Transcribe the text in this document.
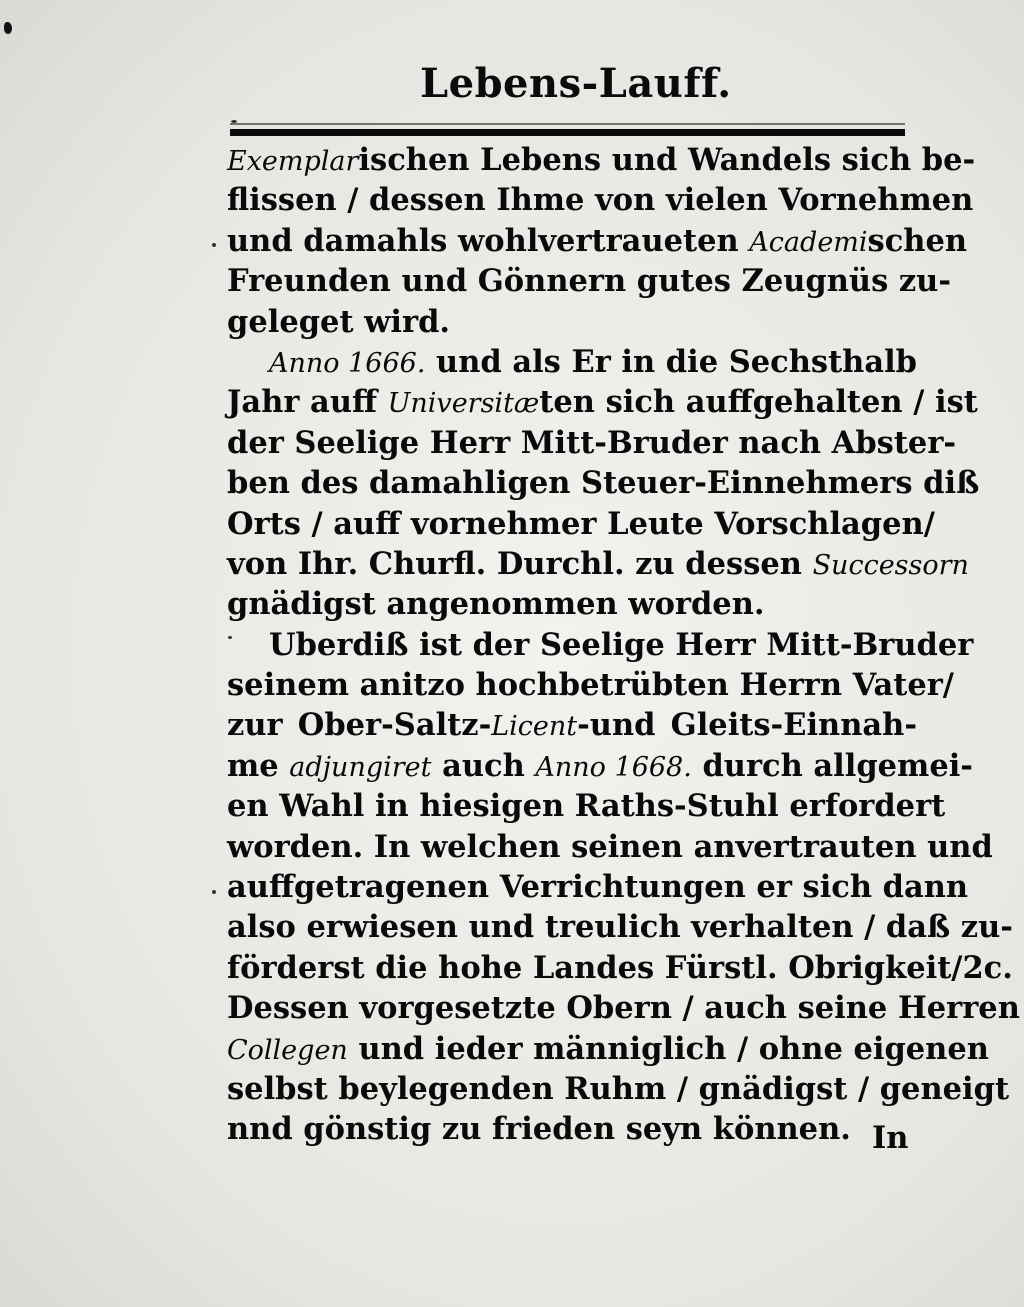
Lebens-Lauff.
Exemplarischen Lebens und Wandels sich be-
flissen / dessen Ihme von vielen Vornehmen
und damahls wohlvertraueten Academischen
Freunden und Gönnern gutes Zeugnüs zu-
geleget wird.
Anno 1666. und als Er in die Sechsthalb
Jahr auff Universitæten sich auffgehalten / ist
der Seelige Herr Mitt-Bruder nach Abster-
ben des damahligen Steuer-Einnehmers diß
Orts / auff vornehmer Leute Vorschlagen/
von Ihr. Churfl. Durchl. zu dessen Successorn
gnädigst angenommen worden.
Uberdiß ist der Seelige Herr Mitt-Bruder
seinem anitzo hochbetrübten Herrn Vater/
zur Ober-Saltz-Licent-und Gleits-Einnah-
me adjungiret auch Anno 1668. durch allgemei-
en Wahl in hiesigen Raths-Stuhl erfordert
worden. In welchen seinen anvertrauten und
auffgetragenen Verrichtungen er sich dann
also erwiesen und treulich verhalten / daß zu-
förderst die hohe Landes Fürstl. Obrigkeit/2c.
Dessen vorgesetzte Obern / auch seine Herren
Collegen und ieder männiglich / ohne eigenen
selbst beylegenden Ruhm / gnädigst / geneigt
nnd gönstig zu frieden seyn können. In
